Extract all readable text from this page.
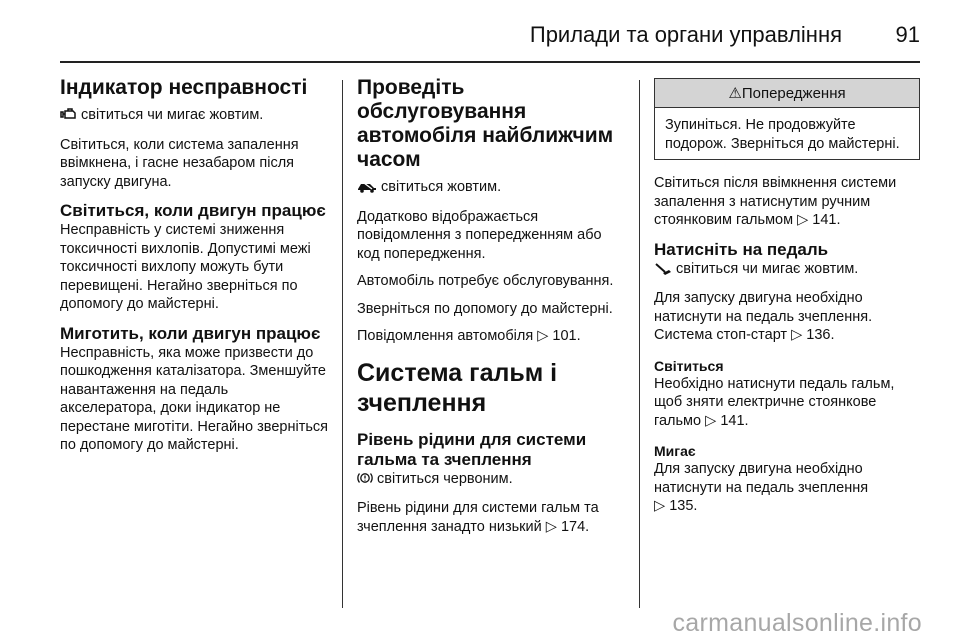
Прилади та органи управління 91
Індикатор несправності

світиться чи мигає жовтим.

Світиться, коли система запалення ввімкнена, і гасне незабаром після запуску двигуна.

Світиться, коли двигун працює

Несправність у системі зниження токсичності вихлопів. Допустимі межі токсичності вихлопу можуть бути перевищені. Негайно зверніться по допомогу до майстерні.

Миготить, коли двигун працює

Несправність, яка може призвести до пошкодження каталізатора. Зменшуйте навантаження на педаль акселератора, доки індикатор не перестане миготіти. Негайно зверніться по допомогу до майстерні.

Проведіть обслуговування автомобіля найближчим часом

світиться жовтим.

Додатково відображається повідомлення з попередженням або код попередження.

Автомобіль потребує обслуговування.

Зверніться по допомогу до майстерні.

Повідомлення автомобіля ▷ 101.

Система гальм і зчеплення
Рівень рідини для системи гальма та зчеплення

світиться червоним.

Рівень рідини для системи гальм та зчеплення занадто низький ▷ 174.

⚠Попередження

Зупиніться. Не продовжуйте подорож. Зверніться до майстерні.

Світиться після ввімкнення системи запалення з натиснутим ручним стоянковим гальмом ▷ 141.

Натисніть на педаль

світиться чи мигає жовтим.

Для запуску двигуна необхідно натиснути на педаль зчеплення. Система стоп-старт ▷ 136.

Світиться

Необхідно натиснути педаль гальм, щоб зняти електричне стоянкове гальмо ▷ 141.

Мигає

Для запуску двигуна необхідно натиснути на педаль зчеплення
▷ 135.

carmanualsonline.info
